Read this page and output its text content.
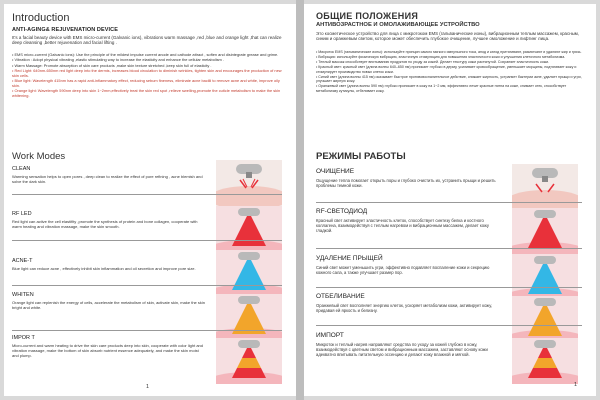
Introduction
ANTI-AGING& REJUVENATION DEVICE
It's a facial beauty device with EMS micro-current (Galvanic ions), vibrations warm massage ,red ,blue and orange light ,that can realize deep cleansing ,better rejuvenation and facial lifting .
• EMS micro-current (Galvanic ions): Use the principle of the mildest impulse current anode and cathode attract , soften and disintegrate grease and grime.
• Vibration : Adopt physical vibrating ,elastic stimulating way to increase the elasticity and enhance the cellular metabolism .
• Warm Massage: Promote absorption of skin care products ,make skin texture stretched ,keep skin full of elasticity .
• Red Light: 640nm-650nm red light deep into the dermis, increases blood circulation to diminish wrinkles, tighten skin and encourages the production of new skin cells.
• Blue light: Wavelength 415nm has a rapid anti-inflammatory effect, reducing sebum fineness, eliminate acne bacilli to remove acne and white, improve oily skin.
• Orange light: Wavelength 590nm deep into skin 1~2mm,effectively treat the skin red spot ,relieve swelling,promote the cuticle metabolism to make the skin whitening.
Work Modes
CLEAN
Warming sensation helps to open pores , deep clean to realize the effect of pore refining , acne blemish and solve the dark skin.
RF LED
Red light can active the cell elastifity ,promote the synthesis of protein and bone collagen, cooperate with warm heating and vibration massage, make the skin smooth.
ACNE-T
Blue light can reduce acne , effectively inhibit skin inflammation and oil secretion and improve pore size.
WHITEN
Orange light can replenish the energy of cells, accelerate the metabolism of skin, activate skin, make the skin bright and white.
IMPOR T
Micro-current and warm heating to drive the skin care products deep into skin, cooperate with color light and vibration massage, make the bottom of skin absorb nutrient essence adequately, and make the skin moist and plump.
1
ОБЩИЕ ПОЛОЖЕНИЯ
АНТИВОЗРАСТНОЕ И ОМОЛАЖИВАЮЩЕЕ УСТРОЙСТВО
Это косметическое устройство для лица с микротоком EMS (гальванические ионы), вибрационным теплым массажем, красным, синим и оранжевым светом, которое может обеспечить глубокое очищение, лучшее омоложение и лифтинг лица.
• Микроток EMS (гальванические ионы): используйте принцип самого мягкого импульсного тока, анод и катод притягивают, размягчают и удаляют жир и грязь.
• Вибрация: используйте физическую вибрацию, эластичную стимуляцию для повышения эластичности кожи и улучшения клеточного метаболизма.
• Теплый массаж способствует впитыванию продуктов по уходу за кожей. Делает текстуру кожи растянутой. Сохраняет эластичность кожи.
• Красный свет: красный свет (длина волны 640–650 нм) проникает глубоко в дерму, усиливает кровообращение, уменьшает морщины, подтягивает кожу и стимулирует производство новых клеток кожи.
• Синий свет (длина волны 415 нм) оказывает быстрое противовоспалительное действие, снижает жирность, устраняет бактерии акне, удаляет прыщи и угри, улучшает жирную кожу.
• Оранжевый свет (длина волны 590 нм) глубоко проникает в кожу на 1~2 мм, эффективно лечит красные пятна на коже, снимает отек, способствует метаболизму кутикулы, отбеливает кожу.
РЕЖИМЫ РАБОТЫ
ОЧИЩЕНИЕ
Ощущение тепла помогает открыть поры и глубоко очистить их, устранить прыщи и решить проблемы темной кожи.
RF-СВЕТОДИОД
Красный свет активирует эластичность клеток, способствует синтезу белка и костного коллагена, взаимодействуя с теплым нагревом и вибрационным массажем, делает кожу гладкой.
УДАЛЕНИЕ ПРЫЩЕЙ
Синий свет может уменьшить угри, эффективно подавляет воспаление кожи и секрецию кожного сала, а также улучшает размер пор.
ОТБЕЛИВАНИЕ
Оранжевый свет восполняет энергию клеток, ускоряет метаболизм кожи, активирует кожу, придавая ей яркость и белизну.
ИМПОРТ
Микроток и теплый нагрев направляют средства по уходу за кожей глубоко в кожу, взаимодействуя с цветным светом и вибрационным массажем, заставляют основу кожи адекватно впитывать питательную эссенцию и делают кожу влажной и мягкой.
1
